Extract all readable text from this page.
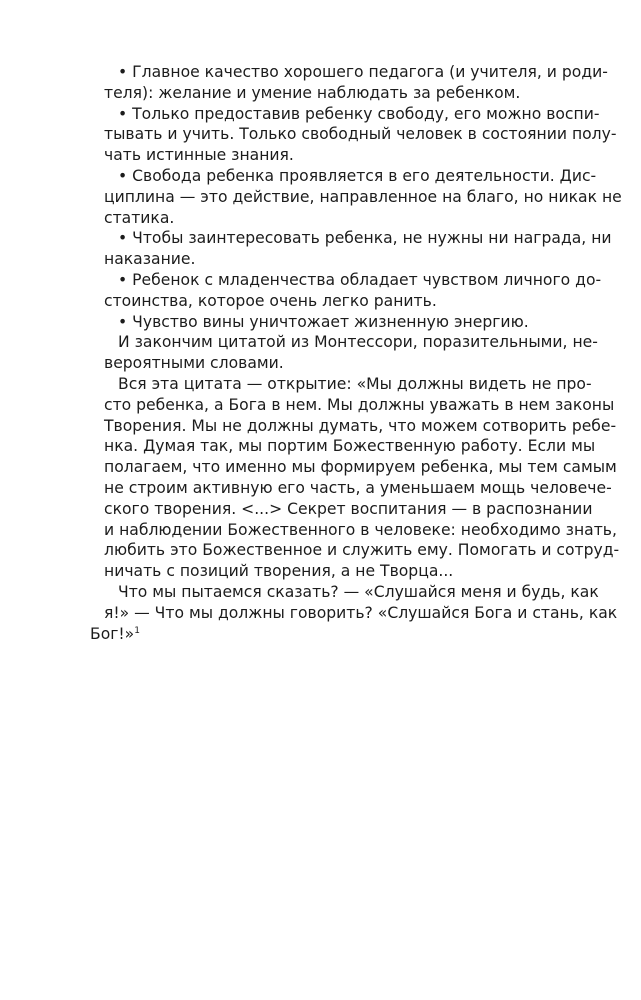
• Главное качество хорошего педагога (и учителя, и роди-
теля): желание и умение наблюдать за ребенком.
• Только предоставив ребенку свободу, его можно воспи-
тывать и учить. Только свободный человек в состоянии полу-
чать истинные знания.
• Свобода ребенка проявляется в его деятельности. Дис-
циплина — это действие, направленное на благо, но никак не
статика.
• Чтобы заинтересовать ребенка, не нужны ни награда, ни
наказание.
• Ребенок с младенчества обладает чувством личного до-
стоинства, которое очень легко ранить.
• Чувство вины уничтожает жизненную энергию.
И закончим цитатой из Монтессори, поразительными, не-
вероятными словами.
Вся эта цитата — открытие: «Мы должны видеть не про-
сто ребенка, а Бога в нем. Мы должны уважать в нем законы
Творения. Мы не должны думать, что можем сотворить ребе-
нка. Думая так, мы портим Божественную работу. Если мы
полагаем, что именно мы формируем ребенка, мы тем самым
не строим активную его часть, а уменьшаем мощь человече-
ского творения. <...> Секрет воспитания — в распознании
и наблюдении Божественного в человеке: необходимо знать,
любить это Божественное и служить ему. Помогать и сотруд-
ничать с позиций творения, а не Творца...
Что мы пытаемся сказать? — «Слушайся меня и будь, как
я!» — Что мы должны говорить? «Слушайся Бога и стань, как
Бог!»$^1$
